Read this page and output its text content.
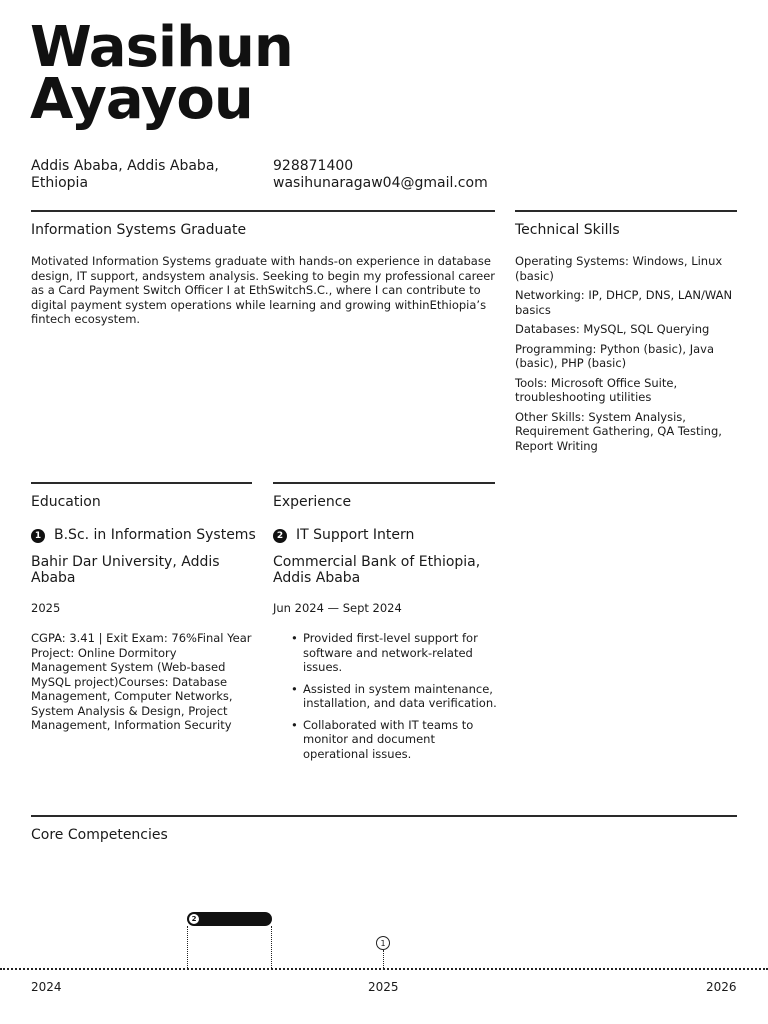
Wasihun
Ayayou
Addis Ababa, Addis Ababa,
Ethiopia
928871400
wasihunaragaw04@gmail.com
Information Systems Graduate
Motivated Information Systems graduate with hands-on experience in database design, IT support, andsystem analysis. Seeking to begin my professional career as a Card Payment Switch Officer I at EthSwitchS.C., where I can contribute to digital payment system operations while learning and growing withinEthiopia’s fintech ecosystem.
Technical Skills
Operating Systems: Windows, Linux (basic)
Networking: IP, DHCP, DNS, LAN/WAN basics
Databases: MySQL, SQL Querying
Programming: Python (basic), Java (basic), PHP (basic)
Tools: Microsoft Office Suite, troubleshooting utilities
Other Skills: System Analysis, Requirement Gathering, QA Testing, Report Writing
Education
1 B.Sc. in Information Systems
Bahir Dar University, Addis Ababa
2025
CGPA: 3.41 | Exit Exam: 76%Final Year Project: Online Dormitory Management System (Web-based MySQL project)Courses: Database Management, Computer Networks, System Analysis & Design, Project Management, Information Security
Experience
2 IT Support Intern
Commercial Bank of Ethiopia, Addis Ababa
Jun 2024 — Sept 2024
• Provided first-level support for software and network-related issues.
• Assisted in system maintenance, installation, and data verification.
• Collaborated with IT teams to monitor and document operational issues.
Core Competencies
2
1
2024	2025	2026
